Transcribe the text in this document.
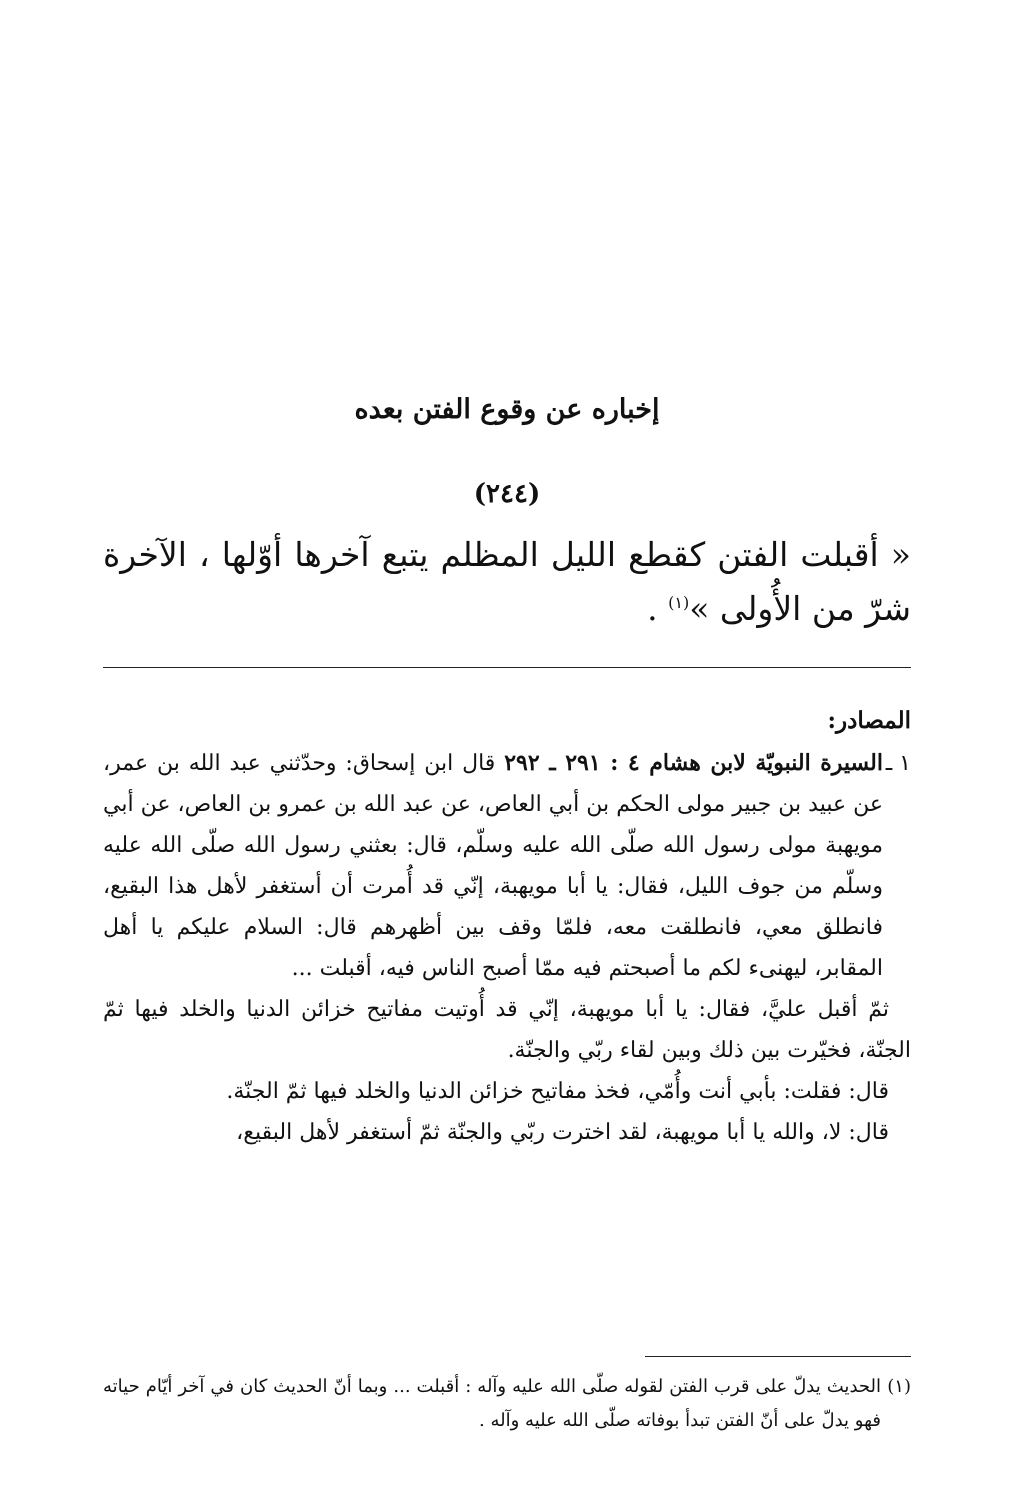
إخباره عن وقوع الفتن بعده
(٢٤٤)

« أقبلت الفتن كقطع الليل المظلم يتبع آخرها أوّلها ، الآخرة شرّ من الأُولى »$^{(١)}$ .

المصادر:

١ ـالسيرة النبويّة لابن هشام ٤ : ٢٩١ ـ ٢٩٢ قال ابن إسحاق: وحدّثني عبد الله بن عمر، عن عبيد بن جبير مولى الحكم بن أبي العاص، عن عبد الله بن عمرو بن العاص، عن أبي مويهبة مولى رسول الله صلّى الله عليه وسلّم، قال: بعثني رسول الله صلّى الله عليه وسلّم من جوف الليل، فقال: يا أبا مويهبة، إنّي قد أُمرت أن أستغفر لأهل هذا البقيع، فانطلق معي، فانطلقت معه، فلمّا وقف بين أظهرهم قال: السلام عليكم يا أهل المقابر، ليهنىء لكم ما أصبحتم فيه ممّا أصبح الناس فيه، أقبلت ...

ثمّ أقبل عليَّ، فقال: يا أبا مويهبة، إنّي قد أُوتيت مفاتيح خزائن الدنيا والخلد فيها ثمّ الجنّة، فخيّرت بين ذلك وبين لقاء ربّي والجنّة.

قال: فقلت: بأبي أنت وأُمّي، فخذ مفاتيح خزائن الدنيا والخلد فيها ثمّ الجنّة.

قال: لا، والله يا أبا مويهبة، لقد اخترت ربّي والجنّة ثمّ أستغفر لأهل البقيع،

(١)الحديث يدلّ على قرب الفتن لقوله صلّى الله عليه وآله : أقبلت ... وبما أنّ الحديث كان في آخر أيّام حياته فهو يدلّ على أنّ الفتن تبدأ بوفاته صلّى الله عليه وآله .
